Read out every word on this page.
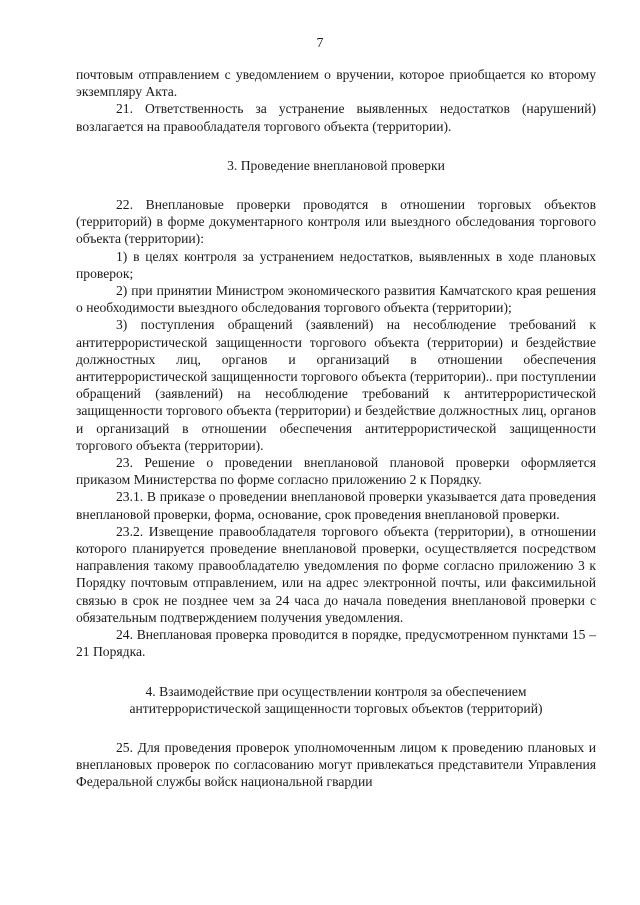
7

почтовым отправлением с уведомлением о вручении, которое приобщается ко второму экземпляру Акта.

21. Ответственность за устранение выявленных недостатков (нарушений) возлагается на правообладателя торгового объекта (территории).

3. Проведение внеплановой проверки

22. Внеплановые проверки проводятся в отношении торговых объектов (территорий) в форме документарного контроля или выездного обследования торгового объекта (территории):

1) в целях контроля за устранением недостатков, выявленных в ходе плановых проверок;

2) при принятии Министром экономического развития Камчатского края решения о необходимости выездного обследования торгового объекта (территории);

3) поступления обращений (заявлений) на несоблюдение требований к антитеррористической защищенности торгового объекта (территории) и бездействие должностных лиц, органов и организаций в отношении обеспечения антитеррористической защищенности торгового объекта (территории).. при поступлении обращений (заявлений) на несоблюдение требований к антитеррористической защищенности торгового объекта (территории) и бездействие должностных лиц, органов и организаций в отношении обеспечения антитеррористической защищенности торгового объекта (территории).

23. Решение о проведении внеплановой плановой проверки оформляется приказом Министерства по форме согласно приложению 2 к Порядку.

23.1. В приказе о проведении внеплановой проверки указывается дата проведения внеплановой проверки, форма, основание, срок проведения внеплановой проверки.

23.2. Извещение правообладателя торгового объекта (территории), в отношении которого планируется проведение внеплановой проверки, осуществляется посредством направления такому правообладателю уведомления по форме согласно приложению 3 к Порядку почтовым отправлением, или на адрес электронной почты, или факсимильной связью в срок не позднее чем за 24 часа до начала поведения внеплановой проверки с обязательным подтверждением получения уведомления.

24. Внеплановая проверка проводится в порядке, предусмотренном пунктами 15 – 21 Порядка.

4. Взаимодействие при осуществлении контроля за обеспечением

антитеррористической защищенности торговых объектов (территорий)

25. Для проведения проверок уполномоченным лицом к проведению плановых и внеплановых проверок по согласованию могут привлекаться представители Управления Федеральной службы войск национальной гвардии
